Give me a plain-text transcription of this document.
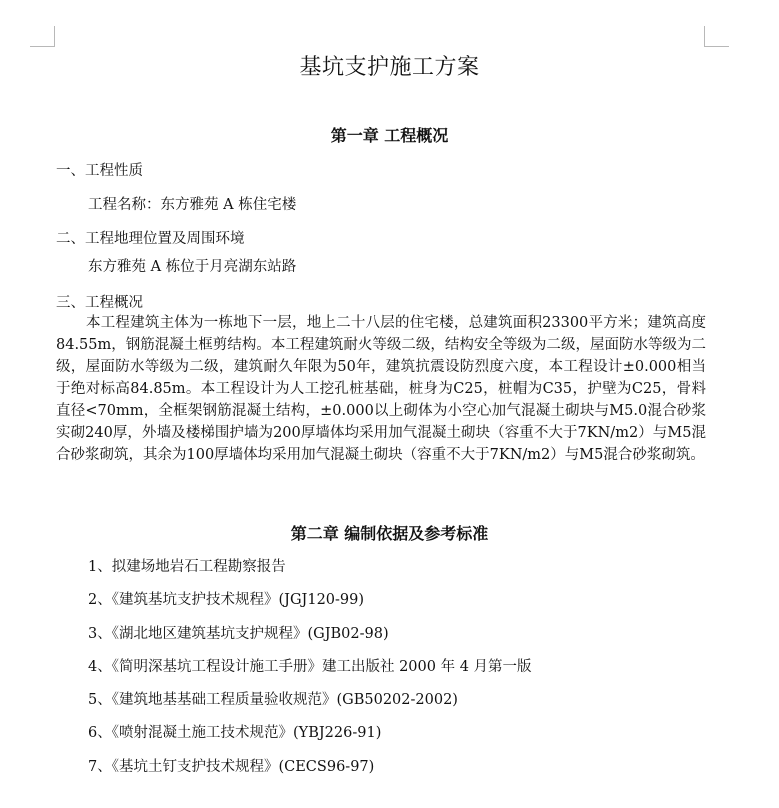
基坑支护施工方案
第一章 工程概况
一、工程性质
工程名称：东方雅苑 A 栋住宅楼
二、工程地理位置及周围环境
东方雅苑 A 栋位于月亮湖东站路
三、工程概况

本工程建筑主体为一栋地下一层，地上二十八层的住宅楼，总建筑面积23300平方米；建筑高度84.55m，钢筋混凝土框剪结构。本工程建筑耐火等级二级，结构安全等级为二级，屋面防水等级为二级，屋面防水等级为二级，建筑耐久年限为50年，建筑抗震设防烈度六度，本工程设计±0.000相当于绝对标高84.85m。本工程设计为人工挖孔桩基础，桩身为C25，桩帽为C35，护壁为C25，骨料直径<70mm，全框架钢筋混凝土结构，±0.000以上砌体为小空心加气混凝土砌块与M5.0混合砂浆实砌240厚，外墙及楼梯围护墙为200厚墙体均采用加气混凝土砌块（容重不大于7KN/m2）与M5混合砂浆砌筑，其余为100厚墙体均采用加气混凝土砌块（容重不大于7KN/m2）与M5混合砂浆砌筑。

第二章 编制依据及参考标准
1、拟建场地岩石工程勘察报告
2、《建筑基坑支护技术规程》(JGJ120-99)
3、《湖北地区建筑基坑支护规程》(GJB02-98)
4、《简明深基坑工程设计施工手册》建工出版社 2000 年 4 月第一版
5、《建筑地基基础工程质量验收规范》(GB50202-2002)
6、《喷射混凝土施工技术规范》(YBJ226-91)
7、《基坑土钉支护技术规程》(CECS96-97)
